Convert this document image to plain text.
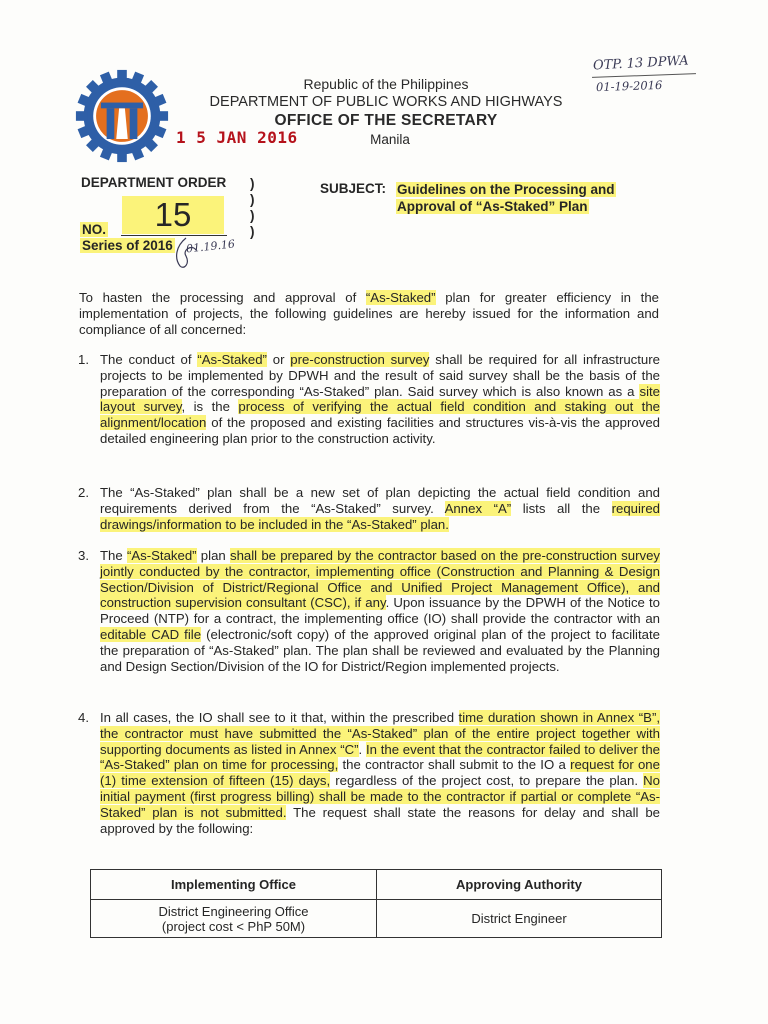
Republic of the Philippines
DEPARTMENT OF PUBLIC WORKS AND HIGHWAYS
OFFICE OF THE SECRETARY
Manila
1 5 JAN 2016
OTP. 13 DPWA
01-19-2016
DEPARTMENT ORDER )
)
)
)
NO.	15
Series of 2016 01.19.16
SUBJECT: Guidelines on the Processing and
Approval of “As-Staked” Plan
To hasten the processing and approval of “As-Staked” plan for greater efficiency in the implementation of projects, the following guidelines are hereby issued for the information and compliance of all concerned:
1. The conduct of “As-Staked” or pre-construction survey shall be required for all infrastructure projects to be implemented by DPWH and the result of said survey shall be the basis of the preparation of the corresponding “As-Staked” plan. Said survey which is also known as a site layout survey, is the process of verifying the actual field condition and staking out the alignment/location of the proposed and existing facilities and structures vis-à-vis the approved detailed engineering plan prior to the construction activity.
2. The “As-Staked” plan shall be a new set of plan depicting the actual field condition and requirements derived from the “As-Staked” survey. Annex “A” lists all the required drawings/information to be included in the “As-Staked” plan.
3. The “As-Staked” plan shall be prepared by the contractor based on the pre-construction survey jointly conducted by the contractor, implementing office (Construction and Planning & Design Section/Division of District/Regional Office and Unified Project Management Office), and construction supervision consultant (CSC), if any. Upon issuance by the DPWH of the Notice to Proceed (NTP) for a contract, the implementing office (IO) shall provide the contractor with an editable CAD file (electronic/soft copy) of the approved original plan of the project to facilitate the preparation of “As-Staked” plan. The plan shall be reviewed and evaluated by the Planning and Design Section/Division of the IO for District/Region implemented projects.
4. In all cases, the IO shall see to it that, within the prescribed time duration shown in Annex “B”, the contractor must have submitted the “As-Staked” plan of the entire project together with supporting documents as listed in Annex “C”. In the event that the contractor failed to deliver the “As-Staked” plan on time for processing, the contractor shall submit to the IO a request for one (1) time extension of fifteen (15) days, regardless of the project cost, to prepare the plan. No initial payment (first progress billing) shall be made to the contractor if partial or complete “As-Staked” plan is not submitted. The request shall state the reasons for delay and shall be approved by the following:
Implementing Office	Approving Authority
District Engineering Office
(project cost < PhP 50M)	District Engineer
